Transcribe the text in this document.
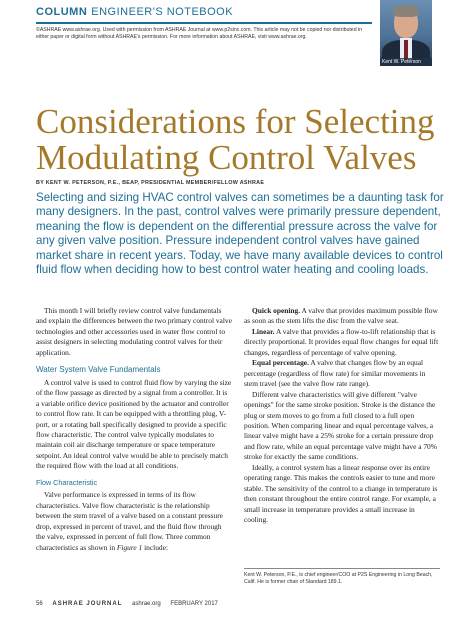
COLUMN ENGINEER'S NOTEBOOK
©ASHRAE www.ashrae.org. Used with permission from ASHRAE Journal at www.p2sinc.com. This article may not be copied nor distributed in either paper or digital form without ASHRAE's permission. For more information about ASHRAE, visit www.ashrae.org.
Kent W. Peterson
Considerations for Selecting Modulating Control Valves
BY KENT W. PETERSON, P.E., BEAP, PRESIDENTIAL MEMBER/FELLOW ASHRAE

Selecting and sizing HVAC control valves can sometimes be a daunting task for many designers. In the past, control valves were primarily pressure dependent, meaning the flow is dependent on the differential pressure across the valve for any given valve position. Pressure independent control valves have gained market share in recent years. Today, we have many available devices to control fluid flow when deciding how to best control water heating and cooling loads.

This month I will briefly review control valve fundamentals and explain the differences between the two primary control valve technologies and other accessories used in water flow control to assist designers in selecting modulating control valves for their application.

Water System Valve Fundamentals

A control valve is used to control fluid flow by varying the size of the flow passage as directed by a signal from a controller. It is a variable orifice device positioned by the actuator and controller to control flow rate. It can be equipped with a throttling plug, V-port, or a rotating ball specifically designed to provide a specific flow characteristic. The control valve typically modulates to maintain coil air discharge temperature or space temperature setpoint. An ideal control valve would be able to precisely match the required flow with the load at all conditions.

Flow Characteristic

Valve performance is expressed in terms of its flow characteristics. Valve flow characteristic is the relationship between the stem travel of a valve based on a constant pressure drop, expressed in percent of travel, and the fluid flow through the valve, expressed in percent of full flow. Three common characteristics as shown in Figure 1 include:

Quick opening. A valve that provides maximum possible flow as soon as the stem lifts the disc from the valve seat.

Linear. A valve that provides a flow-to-lift relationship that is directly proportional. It provides equal flow changes for equal lift changes, regardless of percentage of valve opening.

Equal percentage. A valve that changes flow by an equal percentage (regardless of flow rate) for similar movements in stem travel (see the valve flow rate range).

Different valve characteristics will give different "valve openings" for the same stroke position. Stroke is the distance the plug or stem moves to go from a full closed to a full open position. When comparing linear and equal percentage valves, a linear valve might have a 25% stroke for a certain pressure drop and flow rate, while an equal percentage valve might have a 70% stroke for exactly the same conditions.

Ideally, a control system has a linear response over its entire operating range. This makes the controls easier to tune and more stable. The sensitivity of the control to a change in temperature is then constant throughout the entire control range. For example, a small increase in temperature provides a small increase in cooling.

Kent W. Peterson, P.E., is chief engineer/COO at P2S Engineering in Long Beach, Calif. He is former chair of Standard 189.1.
56 ASHRAE JOURNAL ashrae.org FEBRUARY 2017
